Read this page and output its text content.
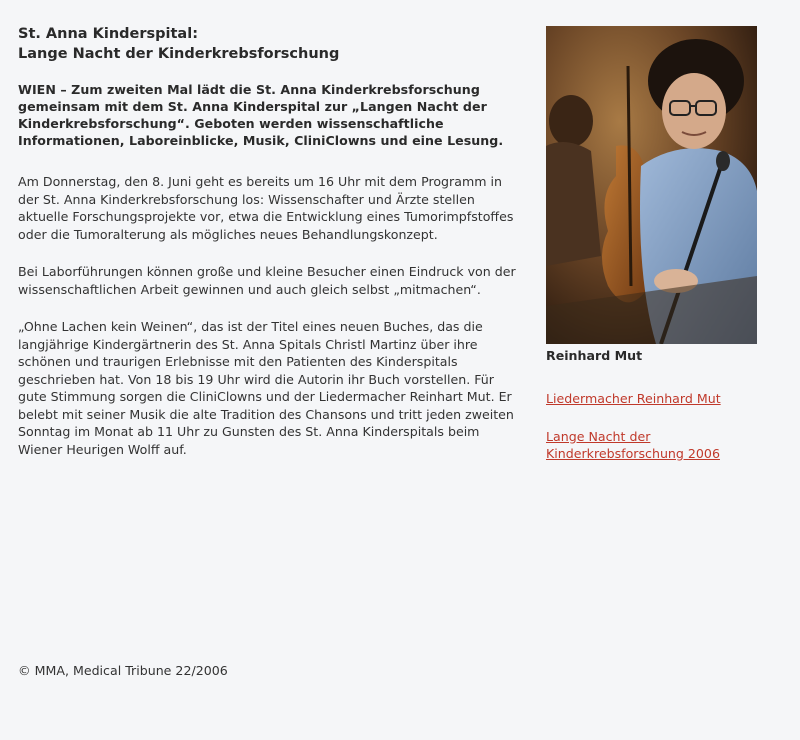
St. Anna Kinderspital:
Lange Nacht der Kinderkrebsforschung

WIEN – Zum zweiten Mal lädt die St. Anna Kinderkrebsforschung gemeinsam mit dem St. Anna Kinderspital zur „Langen Nacht der Kinderkrebsforschung“. Geboten werden wissenschaftliche Informationen, Laboreinblicke, Musik, CliniClowns und eine Lesung.

Am Donnerstag, den 8. Juni geht es bereits um 16 Uhr mit dem Programm in der St. Anna Kinderkrebsforschung los: Wissenschafter und Ärzte stellen aktuelle Forschungsprojekte vor, etwa die Entwicklung eines Tumorimpfstoffes oder die Tumoralterung als mögliches neues Behandlungskonzept.

Bei Laborführungen können große und kleine Besucher einen Eindruck von der wissenschaftlichen Arbeit gewinnen und auch gleich selbst „mitmachen“.

„Ohne Lachen kein Weinen“, das ist der Titel eines neuen Buches, das die langjährige Kindergärtnerin des St. Anna Spitals Christl Martinz über ihre schönen und traurigen Erlebnisse mit den Patienten des Kinderspitals geschrieben hat. Von 18 bis 19 Uhr wird die Autorin ihr Buch vorstellen. Für gute Stimmung sorgen die CliniClowns und der Liedermacher Reinhart Mut. Er belebt mit seiner Musik die alte Tradition des Chansons und tritt jeden zweiten Sonntag im Monat ab 11 Uhr zu Gunsten des St. Anna Kinderspitals beim Wiener Heurigen Wolff auf.

© MMA, Medical Tribune 22/2006
Reinhard Mut
Liedermacher Reinhard Mut
Lange Nacht der Kinderkrebsforschung 2006
